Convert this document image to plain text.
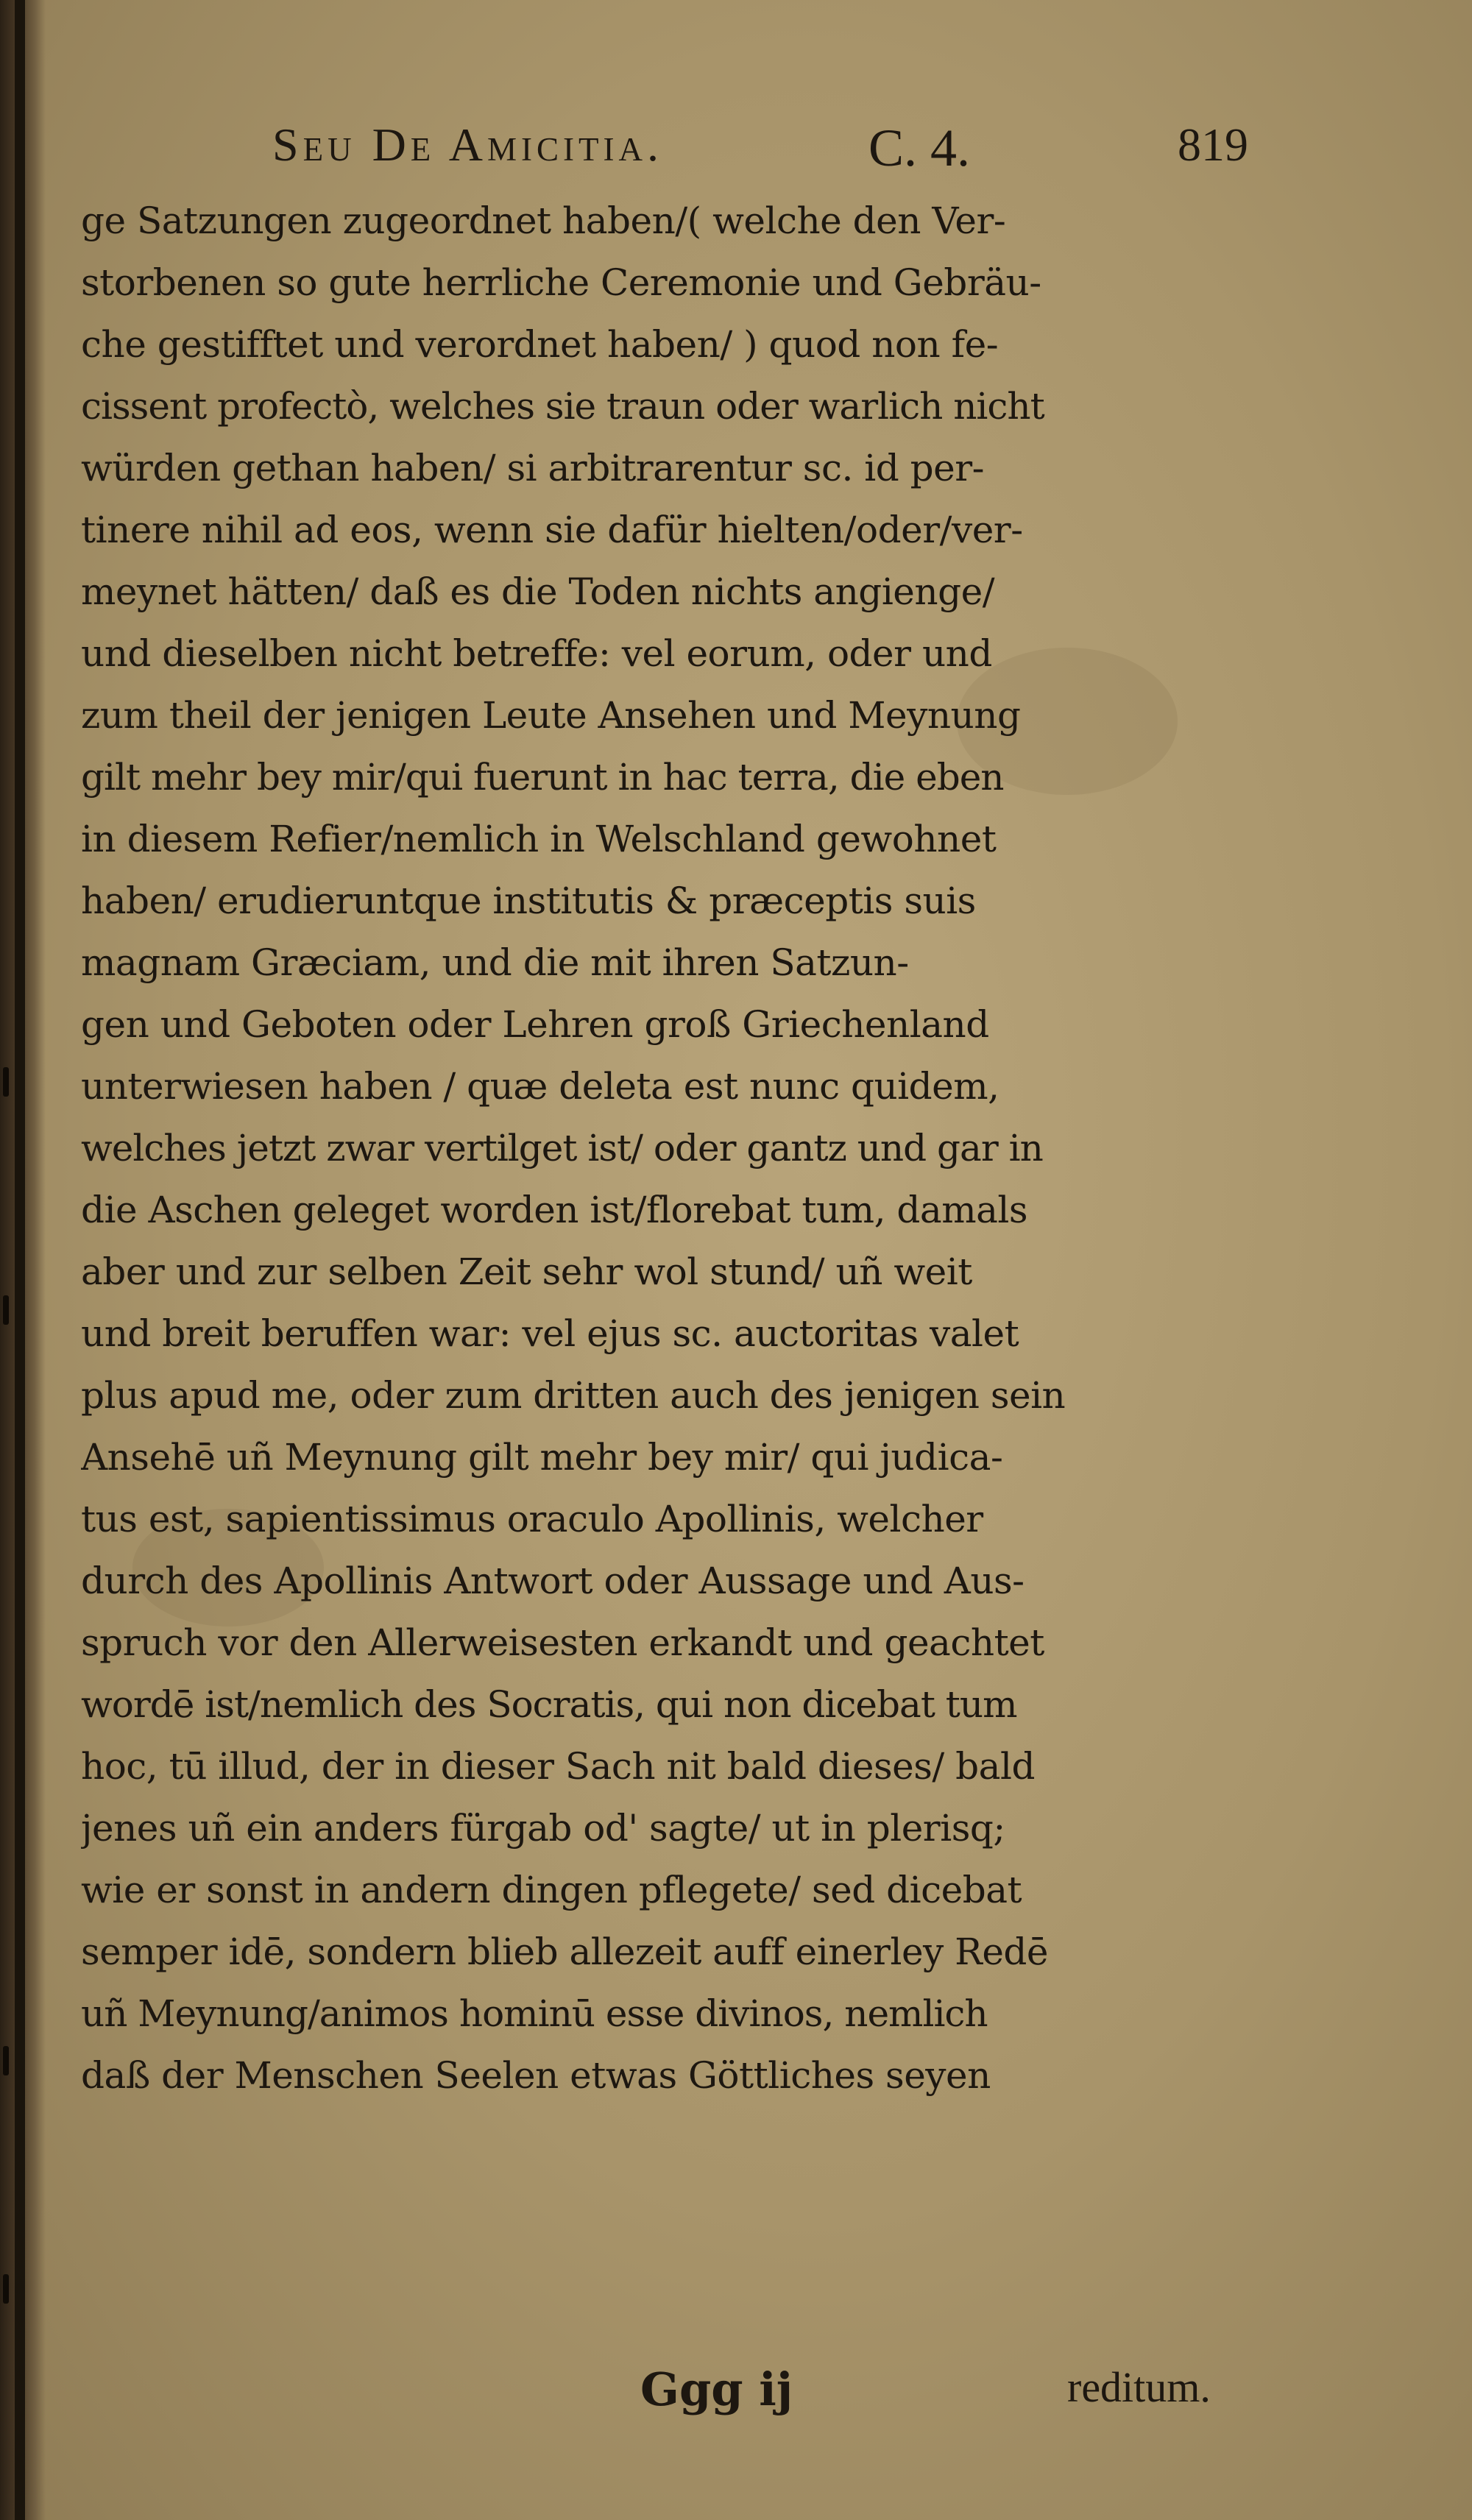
Seu De Amicitia.	C. 4.	819
ge Satzungen zugeordnet haben/( welche den Ver-
storbenen so gute herrliche Ceremonie und Gebräu-
che gestifftet und verordnet haben/ ) quod non fe-
cissent profectò, welches sie traun oder warlich nicht
würden gethan haben/ si arbitrarentur sc. id per-
tinere nihil ad eos, wenn sie dafür hielten/oder/ver-
meynet hätten/ daß es die Toden nichts angienge/
und dieselben nicht betreffe: vel eorum, oder und
zum theil der jenigen Leute Ansehen und Meynung
gilt mehr bey mir/qui fuerunt in hac terra, die eben
in diesem Refier/nemlich in Welschland gewohnet
haben/ erudieruntque institutis & præceptis suis
magnam Græciam, und die mit ihren Satzun-
gen und Geboten oder Lehren groß Griechenland
unterwiesen haben / quæ deleta est nunc quidem,
welches jetzt zwar vertilget ist/ oder gantz und gar in
die Aschen geleget worden ist/florebat tum, damals
aber und zur selben Zeit sehr wol stund/ uñ weit
und breit beruffen war: vel ejus sc. auctoritas valet
plus apud me, oder zum dritten auch des jenigen sein
Ansehē uñ Meynung gilt mehr bey mir/ qui judica-
tus est, sapientissimus oraculo Apollinis, welcher
durch des Apollinis Antwort oder Aussage und Aus-
spruch vor den Allerweisesten erkandt und geachtet
wordē ist/nemlich des Socratis, qui non dicebat tum
hoc, tū illud, der in dieser Sach nit bald dieses/ bald
jenes uñ ein anders fürgab od' sagte/ ut in plerisq;
wie er sonst in andern dingen pflegete/ sed dicebat
semper idē, sondern blieb allezeit auff einerley Redē
uñ Meynung/animos hominū esse divinos, nemlich
daß der Menschen Seelen etwas Göttliches seyen
Ggg ij	reditum.
